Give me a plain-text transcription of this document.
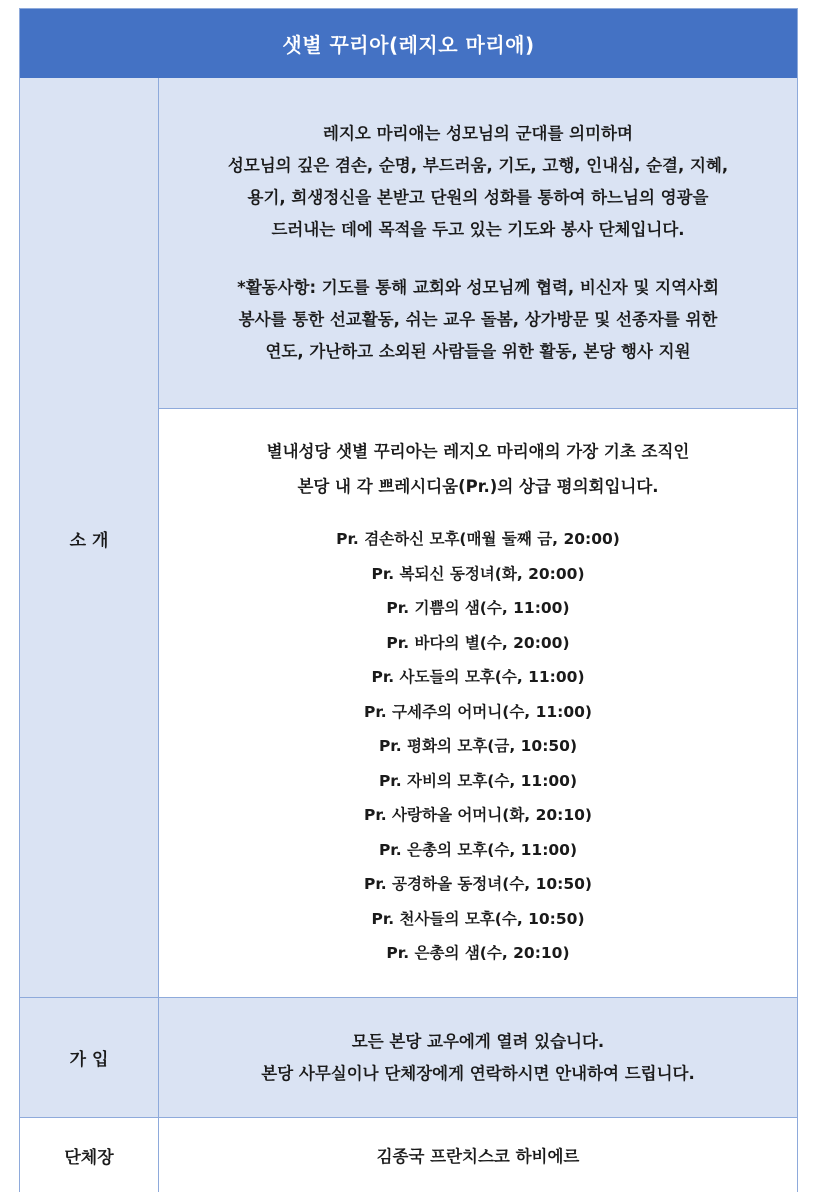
샛별 꾸리아(레지오 마리애)
소 개

레지오 마리애는 성모님의 군대를 의미하며

성모님의 깊은 겸손, 순명, 부드러움, 기도, 고행, 인내심, 순결, 지혜,

용기, 희생정신을 본받고 단원의 성화를 통하여 하느님의 영광을

드러내는 데에 목적을 두고 있는 기도와 봉사 단체입니다.

*활동사항: 기도를 통해 교회와 성모님께 협력, 비신자 및 지역사회

봉사를 통한 선교활동, 쉬는 교우 돌봄, 상가방문 및 선종자를 위한

연도, 가난하고 소외된 사람들을 위한 활동, 본당 행사 지원

별내성당 샛별 꾸리아는 레지오 마리애의 가장 기초 조직인

본당 내 각 쁘레시디움(Pr.)의 상급 평의회입니다.

Pr. 겸손하신 모후(매월 둘째 금, 20:00)
Pr. 복되신 동정녀(화, 20:00)
Pr. 기쁨의 샘(수, 11:00)
Pr. 바다의 별(수, 20:00)
Pr. 사도들의 모후(수, 11:00)
Pr. 구세주의 어머니(수, 11:00)
Pr. 평화의 모후(금, 10:50)
Pr. 자비의 모후(수, 11:00)
Pr. 사랑하올 어머니(화, 20:10)
Pr. 은총의 모후(수, 11:00)
Pr. 공경하올 동정녀(수, 10:50)
Pr. 천사들의 모후(수, 10:50)
Pr. 은총의 샘(수, 20:10)
가 입

모든 본당 교우에게 열려 있습니다.

본당 사무실이나 단체장에게 연락하시면 안내하여 드립니다.

단체장	김종국 프란치스코 하비에르
